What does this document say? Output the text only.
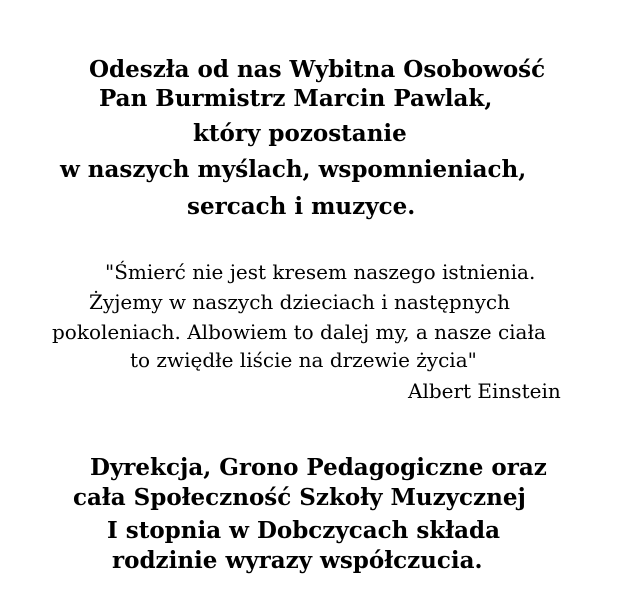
Odeszła od nas Wybitna Osobowość
Pan Burmistrz Marcin Pawlak,
który pozostanie
w naszych myślach, wspomnieniach,
sercach i muzyce.
"Śmierć nie jest kresem naszego istnienia.
Żyjemy w naszych dzieciach i następnych
pokoleniach. Albowiem to dalej my, a nasze ciała
to zwiędłe liście na drzewie życia"
Albert Einstein
Dyrekcja, Grono Pedagogiczne oraz
cała Społeczność Szkoły Muzycznej
I stopnia w Dobczycach składa
rodzinie wyrazy współczucia.
